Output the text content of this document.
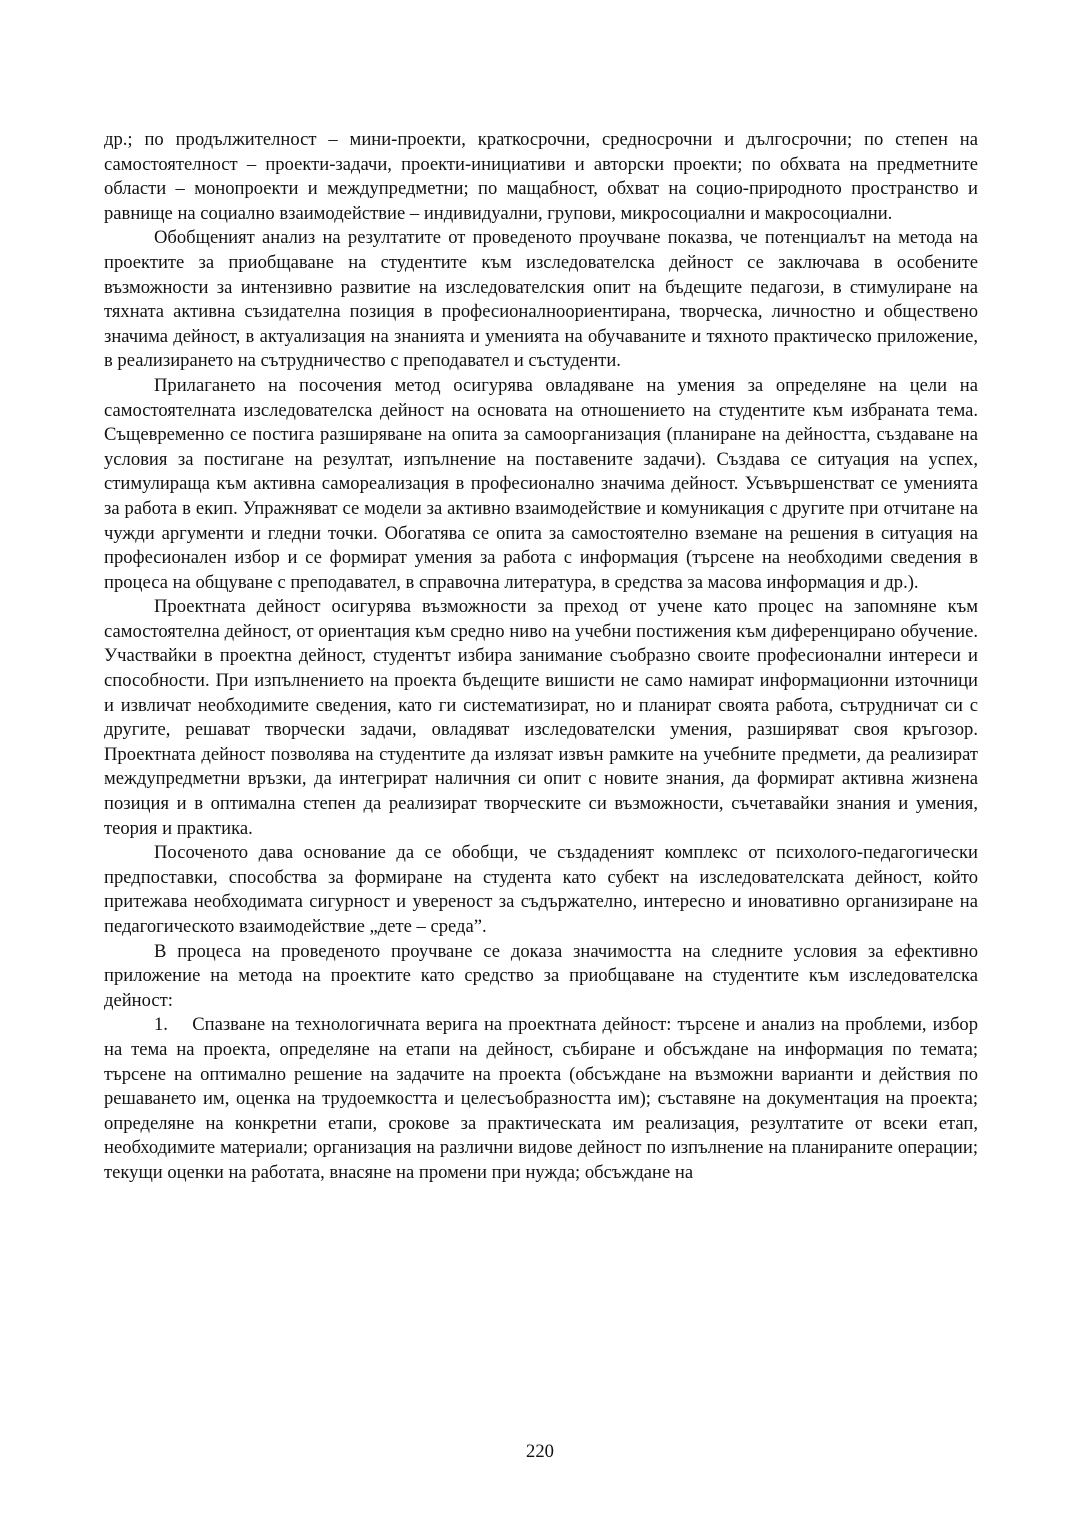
др.; по продължителност – мини-проекти, краткосрочни, средносрочни и дългосрочни; по степен на самостоятелност – проекти-задачи, проекти-инициативи и авторски проекти; по обхвата на предметните области – монопроекти и междупредметни; по мащабност, обхват на социо-природното пространство и равнище на социално взаимодействие – индивидуални, групови, микросоциални и макросоциални.

Обобщеният анализ на резултатите от проведеното проучване показва, че потенциалът на метода на проектите за приобщаване на студентите към изследователска дейност се заключава в особените възможности за интензивно развитие на изследователския опит на бъдещите педагози, в стимулиране на тяхната активна съзидателна позиция в професионалноориентирана, творческа, личностно и обществено значима дейност, в актуализация на знанията и уменията на обучаваните и тяхното практическо приложение, в реализирането на сътрудничество с преподавател и състуденти.

Прилагането на посочения метод осигурява овладяване на умения за определяне на цели на самостоятелната изследователска дейност на основата на отношението на студентите към избраната тема. Същевременно се постига разширяване на опита за самоорганизация (планиране на дейността, създаване на условия за постигане на резултат, изпълнение на поставените задачи). Създава се ситуация на успех, стимулираща към активна самореализация в професионално значима дейност. Усъвършенстват се уменията за работа в екип. Упражняват се модели за активно взаимодействие и комуникация с другите при отчитане на чужди аргументи и гледни точки. Обогатява се опита за самостоятелно вземане на решения в ситуация на професионален избор и се формират умения за работа с информация (търсене на необходими сведения в процеса на общуване с преподавател, в справочна литература, в средства за масова информация и др.).

Проектната дейност осигурява възможности за преход от учене като процес на запомняне към самостоятелна дейност, от ориентация към средно ниво на учебни постижения към диференцирано обучение. Участвайки в проектна дейност, студентът избира занимание съобразно своите професионални интереси и способности. При изпълнението на проекта бъдещите вишисти не само намират информационни източници и извличат необходимите сведения, като ги систематизират, но и планират своята работа, сътрудничат си с другите, решават творчески задачи, овладяват изследователски умения, разширяват своя кръгозор. Проектната дейност позволява на студентите да излязат извън рамките на учебните предмети, да реализират междупредметни връзки, да интегрират наличния си опит с новите знания, да формират активна жизнена позиция и в оптимална степен да реализират творческите си възможности, съчетавайки знания и умения, теория и практика.

Посоченото дава основание да се обобщи, че създаденият комплекс от психолого-педагогически предпоставки, способства за формиране на студента като субект на изследователската дейност, който притежава необходимата сигурност и увереност за съдържателно, интересно и иновативно организиране на педагогическото взаимодействие „дете – среда”.

В процеса на проведеното проучване се доказа значимостта на следните условия за ефективно приложение на метода на проектите като средство за приобщаване на студентите към изследователска дейност:

1.    Спазване на технологичната верига на проектната дейност: търсене и анализ на проблеми, избор на тема на проекта, определяне на етапи на дейност, събиране и обсъждане на информация по темата; търсене на оптимално решение на задачите на проекта (обсъждане на възможни варианти и действия по решаването им, оценка на трудоемкостта и целесъобразността им); съставяне на документация на проекта; определяне на конкретни етапи, срокове за практическата им реализация, резултатите от всеки етап, необходимите материали; организация на различни видове дейност по изпълнение на планираните операции; текущи оценки на работата, внасяне на промени при нужда; обсъждане на

220
